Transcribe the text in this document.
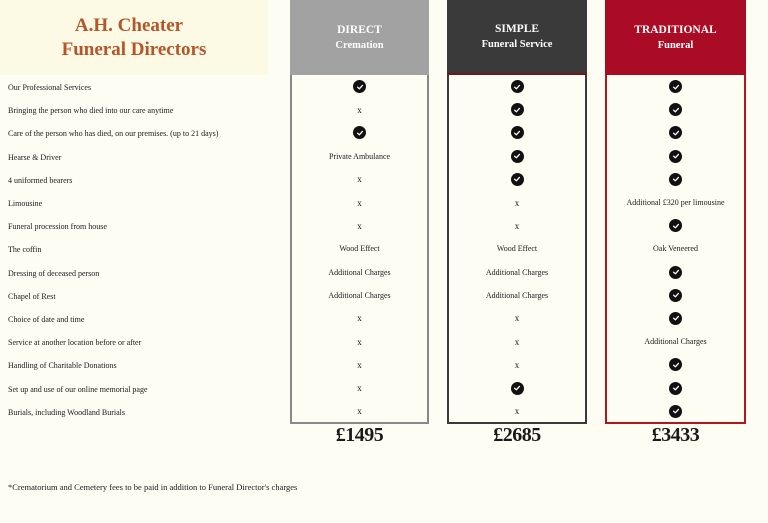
A.H. Cheater
Funeral Directors
Our Professional Services
Bringing the person who died into our care anytime
Care of the person who has died, on our premises. (up to 21 days)
Hearse & Driver
4 uniformed bearers
Limousine
Funeral procession from house
The coffin
Dressing of deceased person
Chapel of Rest
Choice of date and time
Service at another location before or after
Handling of Charitable Donations
Set up and use of our online memorial page
Burials, including Woodland Burials
DIRECT
Cremation
x
Private Ambulance
x
x
x
Wood Effect
Additional Charges
Additional Charges
x
x
x
x
x
SIMPLE
Funeral Service
x
x
Wood Effect
Additional Charges
Additional Charges
x
x
x
x
TRADITIONAL
Funeral
Additional £320 per limousine
Oak Veneered
Additional Charges
£1495	£2685	£3433
*Crematorium and Cemetery fees to be paid in addition to Funeral Director's charges
